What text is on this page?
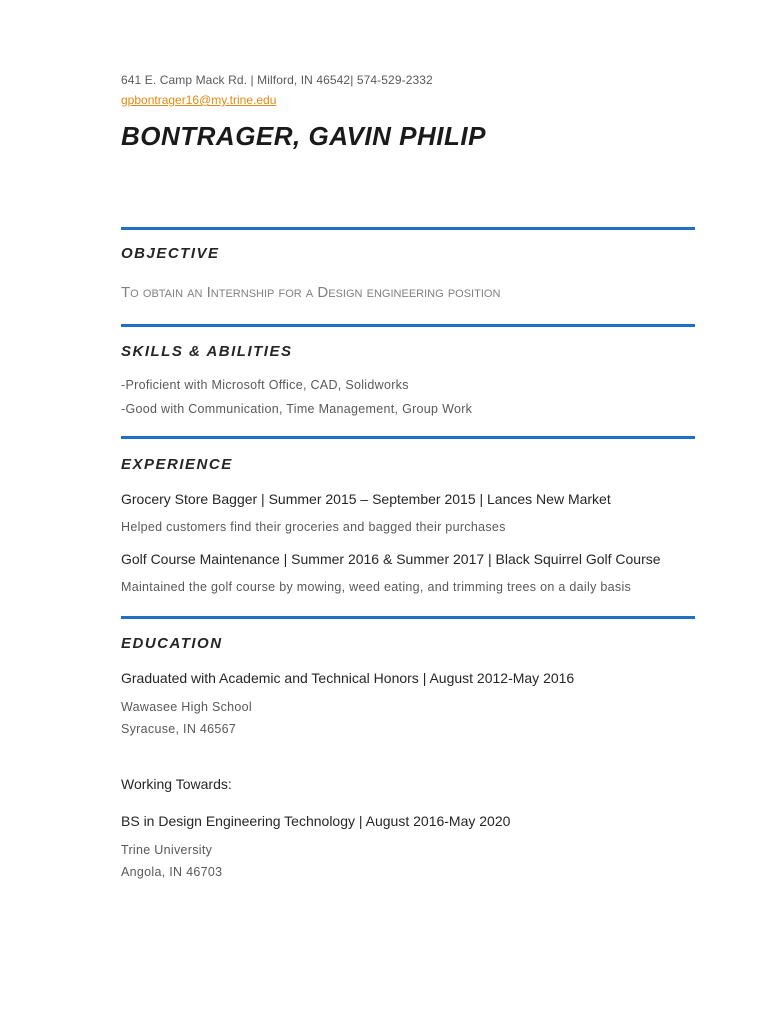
641 E. Camp Mack Rd. | Milford, IN 46542| 574-529-2332
gpbontrager16@my.trine.edu
BONTRAGER, GAVIN PHILIP
OBJECTIVE
To obtain an Internship for a Design engineering position
SKILLS & ABILITIES
-Proficient with Microsoft Office, CAD, Solidworks
-Good with Communication, Time Management, Group Work
EXPERIENCE
Grocery Store Bagger | Summer 2015 – September 2015 | Lances New Market
Helped customers find their groceries and bagged their purchases
Golf Course Maintenance | Summer 2016 & Summer 2017 | Black Squirrel Golf Course
Maintained the golf course by mowing, weed eating, and trimming trees on a daily basis
EDUCATION
Graduated with Academic and Technical Honors | August 2012-May 2016
Wawasee High School
Syracuse, IN 46567
Working Towards:
BS in Design Engineering Technology | August 2016-May 2020
Trine University
Angola, IN 46703
